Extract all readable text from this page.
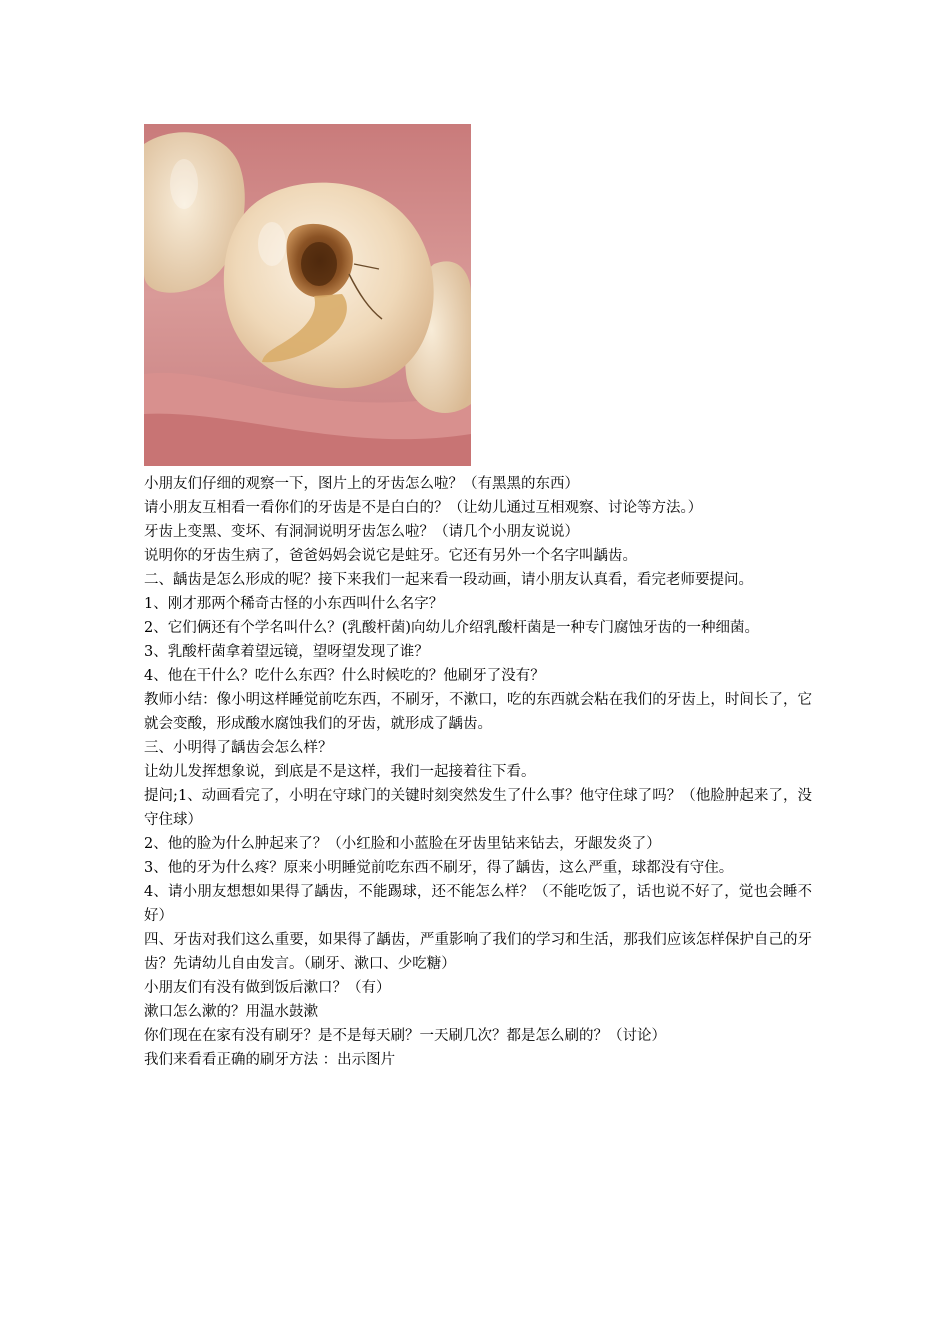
小朋友们仔细的观察一下，图片上的牙齿怎么啦？（有黑黑的东西）

请小朋友互相看一看你们的牙齿是不是白白的？（让幼儿通过互相观察、讨论等方法。）

牙齿上变黑、变坏、有洞洞说明牙齿怎么啦？（请几个小朋友说说）

说明你的牙齿生病了，爸爸妈妈会说它是蛀牙。它还有另外一个名字叫龋齿。

二、龋齿是怎么形成的呢？接下来我们一起来看一段动画，请小朋友认真看，看完老师要提问。

1、刚才那两个稀奇古怪的小东西叫什么名字？

2、它们俩还有个学名叫什么？(乳酸杆菌)向幼儿介绍乳酸杆菌是一种专门腐蚀牙齿的一种细菌。

3、乳酸杆菌拿着望远镜，望呀望发现了谁？

4、他在干什么？吃什么东西？什么时候吃的？他刷牙了没有？

教师小结：像小明这样睡觉前吃东西，不刷牙，不漱口，吃的东西就会粘在我们的牙齿上，时间长了，它就会变酸，形成酸水腐蚀我们的牙齿，就形成了龋齿。

三、小明得了龋齿会怎么样？

让幼儿发挥想象说，到底是不是这样，我们一起接着往下看。

提问;1、动画看完了，小明在守球门的关键时刻突然发生了什么事？他守住球了吗？（他脸肿起来了，没守住球）

2、他的脸为什么肿起来了？（小红脸和小蓝脸在牙齿里钻来钻去，牙龈发炎了）

3、他的牙为什么疼？原来小明睡觉前吃东西不刷牙，得了龋齿，这么严重，球都没有守住。

4、请小朋友想想如果得了龋齿，不能踢球，还不能怎么样？（不能吃饭了，话也说不好了，觉也会睡不好）

四、牙齿对我们这么重要，如果得了龋齿，严重影响了我们的学习和生活，那我们应该怎样保护自己的牙齿？先请幼儿自由发言。（刷牙、漱口、少吃糖）

小朋友们有没有做到饭后漱口？（有）

漱口怎么漱的？用温水鼓漱

你们现在在家有没有刷牙？是不是每天刷？一天刷几次？都是怎么刷的？（讨论）

我们来看看正确的刷牙方法 ：出示图片
